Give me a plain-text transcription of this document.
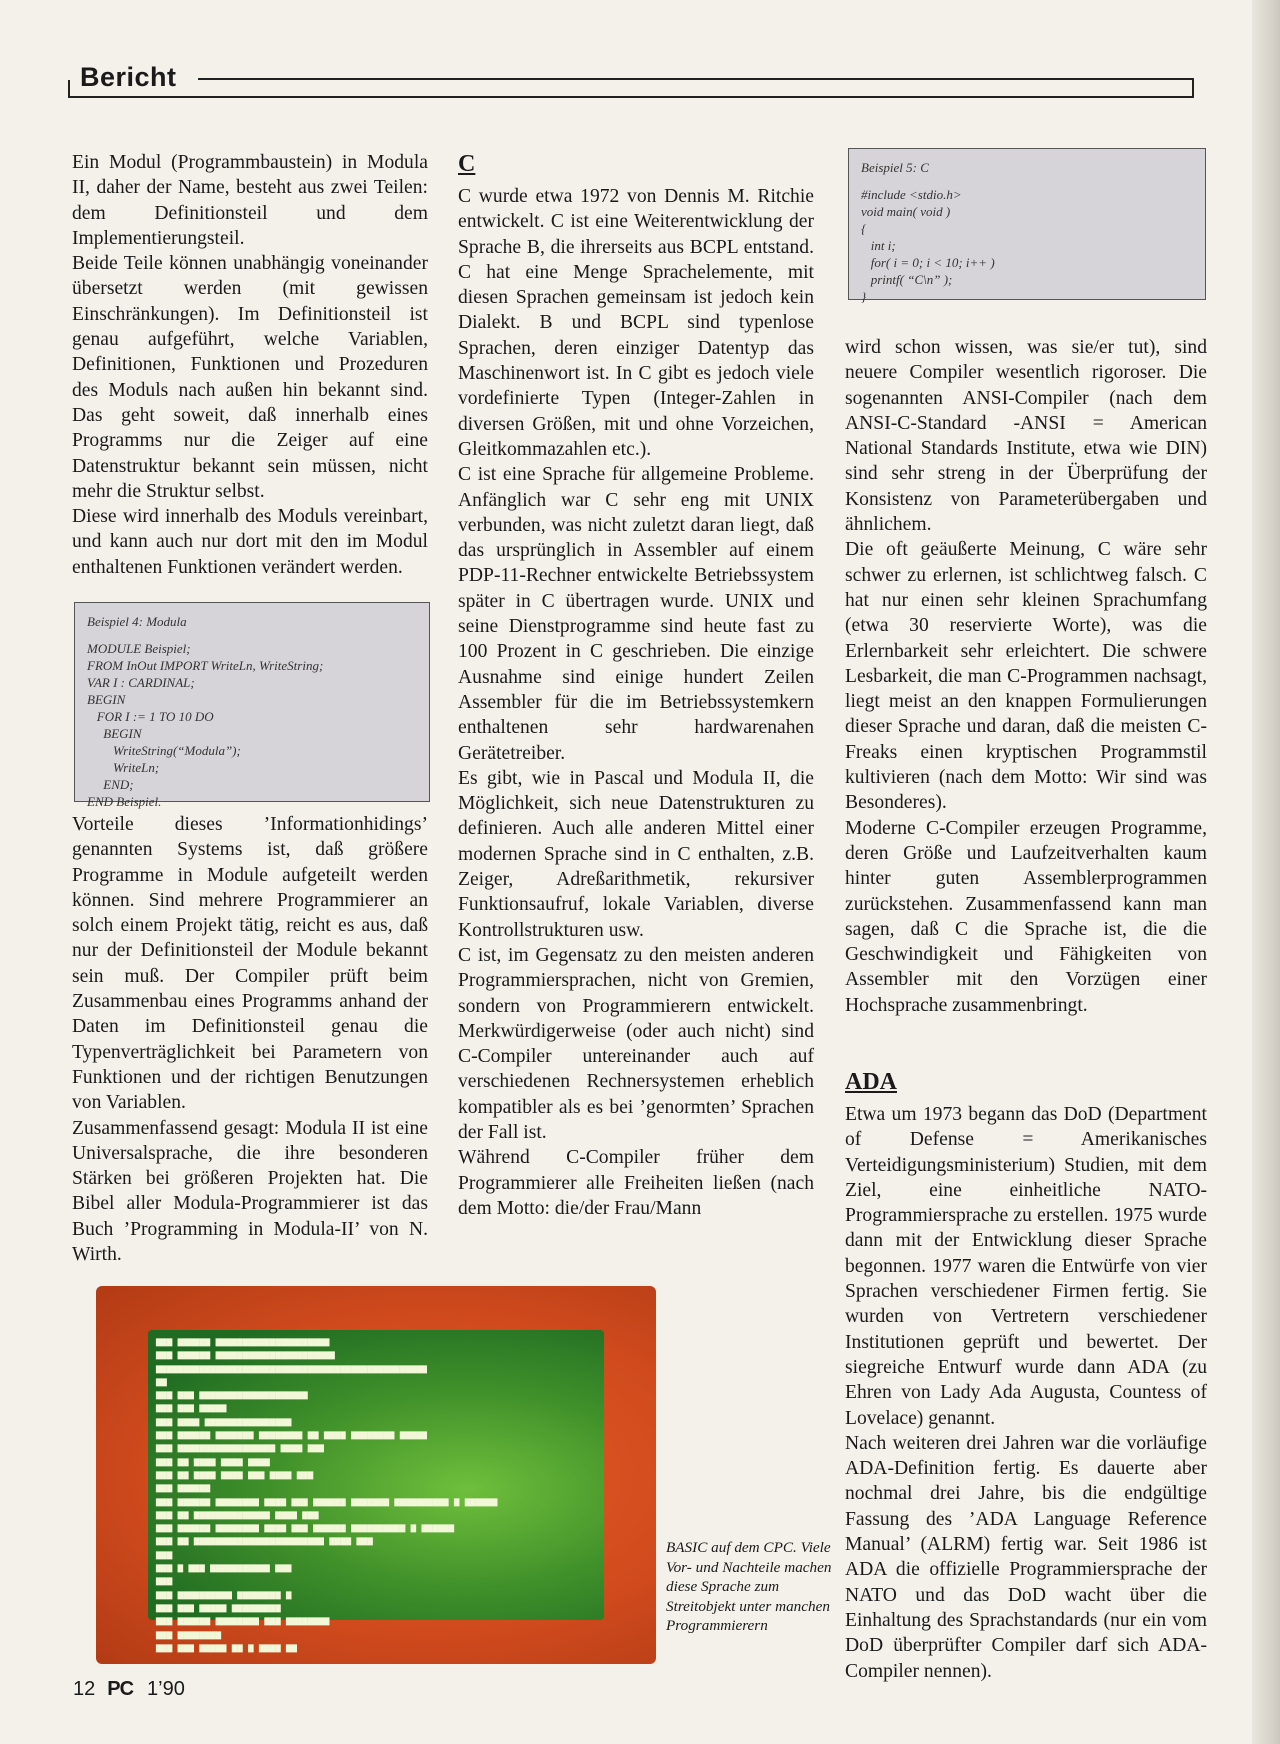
Bericht

Ein Modul (Programmbaustein) in Modula II, daher der Name, besteht aus zwei Teilen: dem Definitionsteil und dem Implementierungsteil.

Beide Teile können unabhängig voneinander übersetzt werden (mit gewissen Einschränkungen). Im Definitionsteil ist genau aufgeführt, welche Variablen, Definitionen, Funktionen und Prozeduren des Moduls nach außen hin bekannt sind. Das geht soweit, daß innerhalb eines Programms nur die Zeiger auf eine Datenstruktur bekannt sein müssen, nicht mehr die Struktur selbst.

Diese wird innerhalb des Moduls vereinbart, und kann auch nur dort mit den im Modul enthaltenen Funktionen verändert werden.

Beispiel 4: Modula
MODULE Beispiel;
FROM InOut IMPORT WriteLn, WriteString;
VAR I : CARDINAL;
BEGIN
FOR I := 1 TO 10 DO
BEGIN
WriteString(“Modula”);
WriteLn;
END;
END Beispiel.

Vorteile dieses ’Informationhidings’ genannten Systems ist, daß größere Programme in Module aufgeteilt werden können. Sind mehrere Programmierer an solch einem Projekt tätig, reicht es aus, daß nur der Definitionsteil der Module bekannt sein muß. Der Compiler prüft beim Zusammenbau eines Programms anhand der Daten im Definitionsteil genau die Typenverträglichkeit bei Parametern von Funktionen und der richtigen Benutzungen von Variablen.

Zusammenfassend gesagt: Modula II ist eine Universalsprache, die ihre besonderen Stärken bei größeren Projekten hat. Die Bibel aller Modula-Programmierer ist das Buch ’Programming in Modula-II’ von N. Wirth.

C

C wurde etwa 1972 von Dennis M. Ritchie entwickelt. C ist eine Weiterentwicklung der Sprache B, die ihrerseits aus BCPL entstand. C hat eine Menge Sprachelemente, mit diesen Sprachen gemeinsam ist jedoch kein Dialekt. B und BCPL sind typenlose Sprachen, deren einziger Datentyp das Maschinenwort ist. In C gibt es jedoch viele vordefinierte Typen (Integer-Zahlen in diversen Größen, mit und ohne Vorzeichen, Gleitkommazahlen etc.).

C ist eine Sprache für allgemeine Probleme. Anfänglich war C sehr eng mit UNIX verbunden, was nicht zuletzt daran liegt, daß das ursprünglich in Assembler auf einem PDP-11-Rechner entwickelte Betriebssystem später in C übertragen wurde. UNIX und seine Dienstprogramme sind heute fast zu 100 Prozent in C geschrieben. Die einzige Ausnahme sind einige hundert Zeilen Assembler für die im Betriebssystemkern enthaltenen sehr hardwarenahen Gerätetreiber.

Es gibt, wie in Pascal und Modula II, die Möglichkeit, sich neue Datenstrukturen zu definieren. Auch alle anderen Mittel einer modernen Sprache sind in C enthalten, z.B. Zeiger, Adreßarithmetik, rekursiver Funktionsaufruf, lokale Variablen, diverse Kontrollstrukturen usw.

C ist, im Gegensatz zu den meisten anderen Programmiersprachen, nicht von Gremien, sondern von Programmierern entwickelt. Merkwürdigerweise (oder auch nicht) sind C-Compiler untereinander auch auf verschiedenen Rechnersystemen erheblich kompatibler als es bei ’genormten’ Sprachen der Fall ist.

Während C-Compiler früher dem Programmierer alle Freiheiten ließen (nach dem Motto: die/der Frau/Mann

Beispiel 5: C
#include <stdio.h>
void main( void )
{
int i;
for( i = 0; i < 10; i++ )
printf( “C\n” );
}

wird schon wissen, was sie/er tut), sind neuere Compiler wesentlich rigoroser. Die sogenannten ANSI-Compiler (nach dem ANSI-C-Standard -ANSI = American National Standards Institute, etwa wie DIN) sind sehr streng in der Überprüfung der Konsistenz von Parameterübergaben und ähnlichem.

Die oft geäußerte Meinung, C wäre sehr schwer zu erlernen, ist schlichtweg falsch. C hat nur einen sehr kleinen Sprachumfang (etwa 30 reservierte Worte), was die Erlernbarkeit sehr erleichtert. Die schwere Lesbarkeit, die man C-Programmen nachsagt, liegt meist an den knappen Formulierungen dieser Sprache und daran, daß die meisten C-Freaks einen kryptischen Programmstil kultivieren (nach dem Motto: Wir sind was Besonderes).

Moderne C-Compiler erzeugen Programme, deren Größe und Laufzeitverhalten kaum hinter guten Assemblerprogrammen zurückstehen. Zusammenfassend kann man sagen, daß C die Sprache ist, die die Geschwindigkeit und Fähigkeiten von Assembler mit den Vorzügen einer Hochsprache zusammenbringt.

ADA

Etwa um 1973 begann das DoD (Department of Defense = Amerikanisches Verteidigungsministerium) Studien, mit dem Ziel, eine einheitliche NATO-Programmiersprache zu erstellen. 1975 wurde dann mit der Entwicklung dieser Sprache begonnen. 1977 waren die Entwürfe von vier Sprachen verschiedener Firmen fertig. Sie wurden von Vertretern verschiedener Institutionen geprüft und bewertet. Der siegreiche Entwurf wurde dann ADA (zu Ehren von Lady Ada Augusta, Countess of Lovelace) genannt.

Nach weiteren drei Jahren war die vorläufige ADA-Definition fertig. Es dauerte aber nochmal drei Jahre, bis die endgültige Fassung des ’ADA Language Reference Manual’ (ALRM) fertig war. Seit 1986 ist ADA die offizielle Programmiersprache der NATO und das DoD wacht über die Einhaltung des Sprachstandards (nur ein vom DoD überprüfter Compiler darf sich ADA-Compiler nennen).

▆▆▆ ▆▆▆▆▆▆ ▆▆▆▆▆▆▆▆▆▆▆▆▆▆▆▆▆▆▆▆▆
▆▆▆ ▆▆▆▆▆▆ ▆▆▆▆▆▆▆▆▆▆▆▆▆▆▆▆▆▆▆▆▆▆
▆▆▆▆▆▆▆▆▆▆▆▆▆▆▆▆▆▆▆▆▆▆▆▆▆▆▆▆▆▆▆▆▆▆▆▆▆▆▆▆▆▆▆▆▆▆▆▆▆▆
▆▆
▆▆▆ ▆▆▆ ▆▆▆▆▆▆▆▆▆▆▆▆▆▆▆▆▆▆▆▆
▆▆▆ ▆▆▆ ▆▆▆▆▆
▆▆▆ ▆▆▆▆ ▆▆▆▆▆▆▆▆▆▆▆▆▆▆▆▆
▆▆▆ ▆▆▆▆▆▆ ▆▆▆▆▆▆▆ ▆▆▆▆▆▆▆▆ ▆▆ ▆▆▆▆ ▆▆▆▆▆▆▆▆ ▆▆▆▆▆
▆▆▆ ▆▆▆▆▆▆▆▆▆▆▆▆▆▆▆▆▆▆ ▆▆▆▆ ▆▆▆
▆▆▆ ▆▆ ▆▆▆▆ ▆▆▆▆ ▆▆▆▆
▆▆▆ ▆▆ ▆▆▆▆ ▆▆▆▆ ▆▆▆ ▆▆▆▆ ▆▆▆
▆▆▆ ▆▆▆▆▆▆
▆▆▆ ▆▆▆▆▆▆ ▆▆▆▆▆▆▆▆ ▆▆▆▆ ▆▆▆ ▆▆▆▆▆▆ ▆▆▆▆▆▆▆ ▆▆▆▆▆▆▆▆▆▆ ▆ ▆▆▆▆▆▆
▆▆▆ ▆▆ ▆▆▆▆▆▆▆▆▆▆▆▆▆▆ ▆▆▆▆ ▆▆▆
▆▆▆ ▆▆▆▆▆▆ ▆▆▆▆▆▆▆▆ ▆▆▆▆ ▆▆▆ ▆▆▆▆▆▆ ▆▆▆▆▆▆▆▆▆▆ ▆ ▆▆▆▆▆▆
▆▆▆ ▆▆ ▆▆▆▆▆▆▆▆▆▆▆▆▆▆▆▆▆▆▆▆▆▆▆▆ ▆▆▆▆ ▆▆▆
▆▆▆
▆▆▆ ▆ ▆▆▆ ▆▆▆▆▆▆▆▆▆▆▆ ▆▆▆
▆▆▆
▆▆▆ ▆▆▆▆▆▆▆▆▆▆ ▆▆▆▆▆▆▆▆ ▆
▆▆▆ ▆▆▆ ▆▆▆▆▆ ▆▆▆▆▆▆▆▆▆
▆▆▆ ▆▆▆▆▆▆ ▆▆▆▆▆▆▆▆ ▆▆▆ ▆▆▆▆▆▆▆▆
▆▆▆ ▆▆▆▆▆▆▆▆
▆▆▆ ▆▆▆ ▆▆▆▆▆ ▆▆ ▆ ▆▆▆▆ ▆▆
BASIC auf dem CPC. Viele Vor- und Nachteile machen diese Sprache zum Streitobjekt unter manchen Programmierern
12 PC 1’90
